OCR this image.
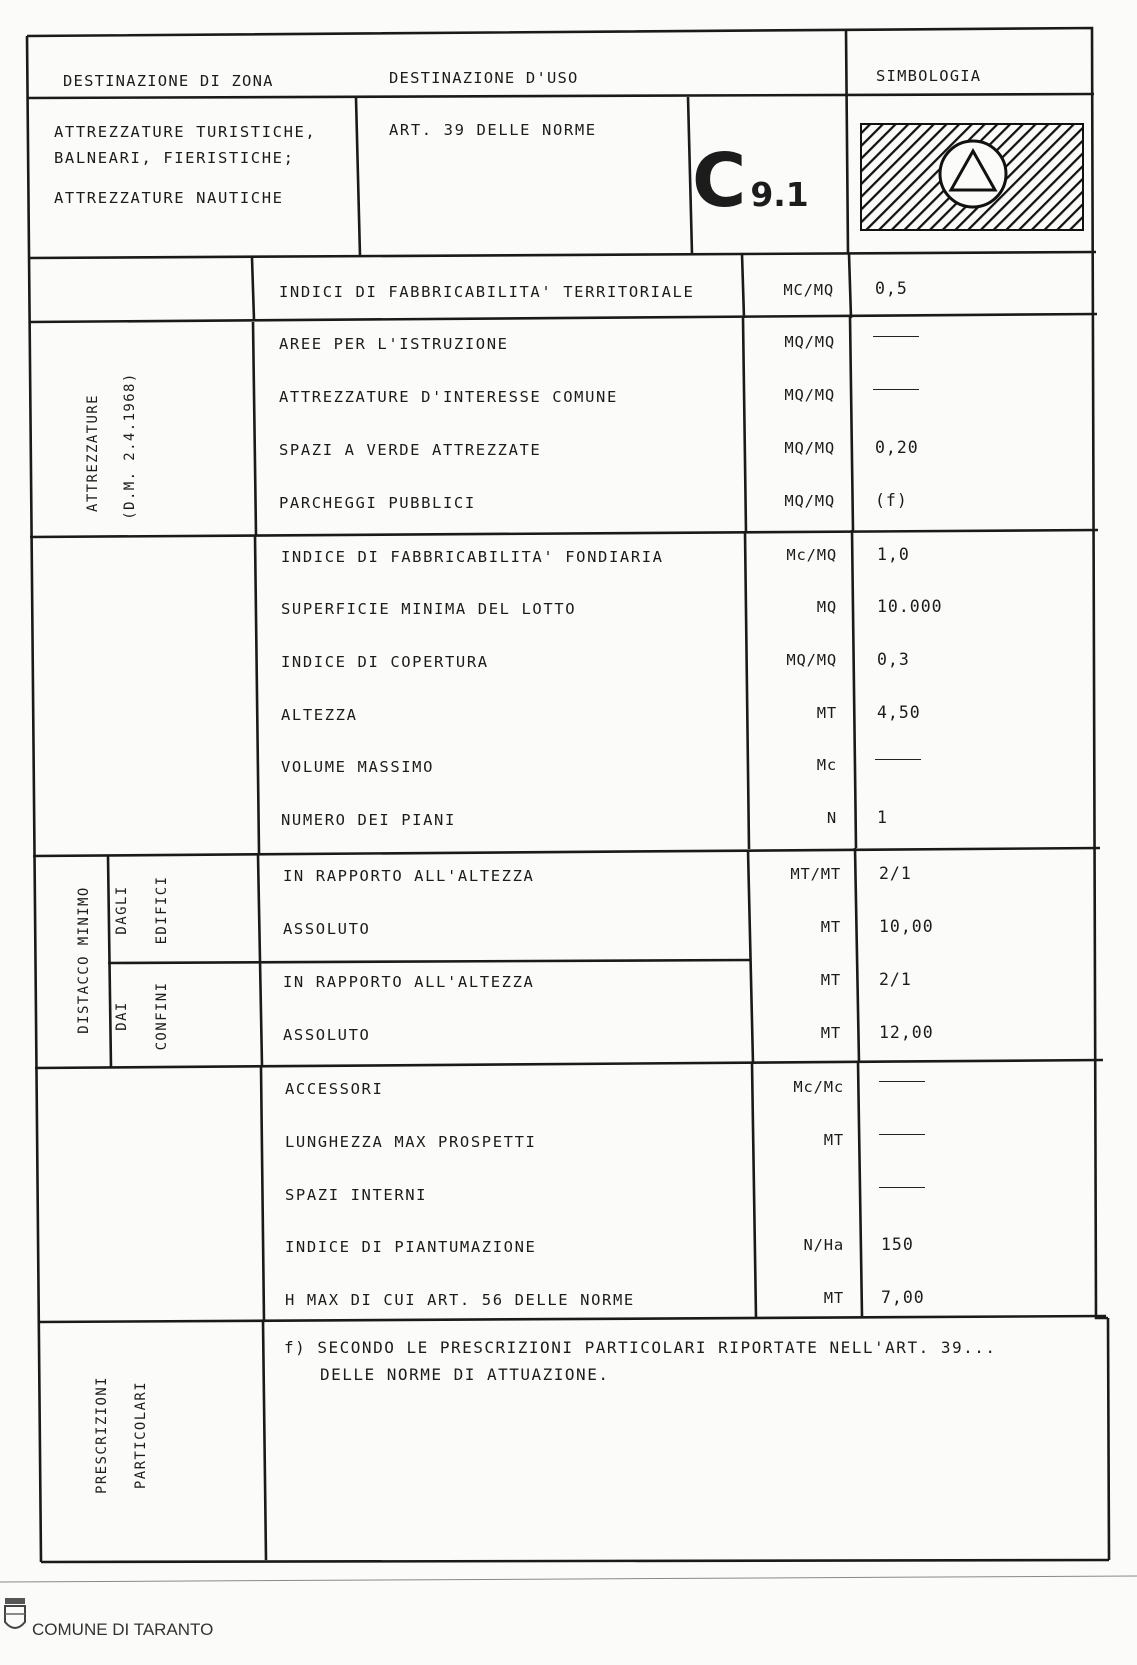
DESTINAZIONE DI ZONA	DESTINAZIONE D'USO	SIMBOLOGIA
ATTREZZATURE TURISTICHE,
BALNEARI, FIERISTICHE;
ATTREZZATURE NAUTICHE
ART. 39 DELLE NORME
C 9.1
INDICI DI FABBRICABILITA' TERRITORIALE	MC/MQ 0,5
ATTREZZATURE (D.M. 2.4.1968)
AREE PER L'ISTRUZIONE	MQ/MQ
ATTREZZATURE D'INTERESSE COMUNE	MQ/MQ
SPAZI A VERDE ATTREZZATE	MQ/MQ 0,20
PARCHEGGI PUBBLICI	MQ/MQ (f)
INDICE DI FABBRICABILITA' FONDIARIA	Mc/MQ 1,0
SUPERFICIE MINIMA DEL LOTTO	MQ 10.000
INDICE DI COPERTURA	MQ/MQ 0,3
ALTEZZA	MT 4,50
VOLUME MASSIMO	Mc
NUMERO DEI PIANI	N 1
DISTACCO MINIMO DAGLI EDIFICI
DAI CONFINI
IN RAPPORTO ALL'ALTEZZA	MT/MT 2/1
ASSOLUTO	MT 10,00
IN RAPPORTO ALL'ALTEZZA	MT 2/1
ASSOLUTO	MT 12,00
ACCESSORI	Mc/Mc
LUNGHEZZA MAX PROSPETTI	MT
SPAZI INTERNI
INDICE DI PIANTUMAZIONE	N/Ha 150
H MAX DI CUI ART. 56 DELLE NORME	MT 7,00
PRESCRIZIONI PARTICOLARI
f) SECONDO LE PRESCRIZIONI PARTICOLARI RIPORTATE NELL'ART. 39...
DELLE NORME DI ATTUAZIONE.
COMUNE DI TARANTO
